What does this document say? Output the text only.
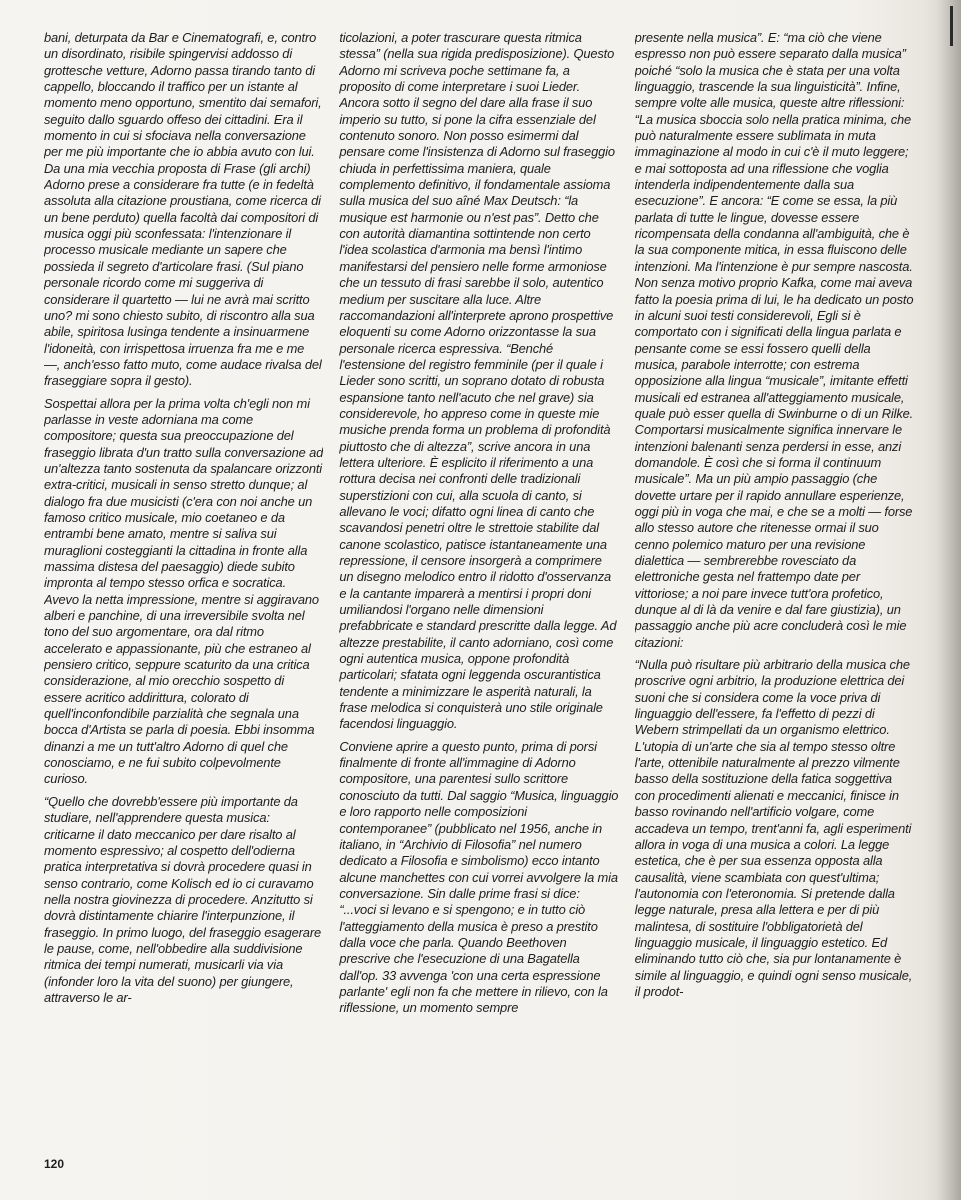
bani, deturpata da Bar e Cinematografi, e, contro un disordinato, risibile spingervisi addosso di grottesche vetture, Adorno passa tirando tanto di cappello, bloccando il traffico per un istante al momento meno opportuno, smentito dai semafori, seguito dallo sguardo offeso dei cittadini. Era il momento in cui si sfociava nella conversazione per me più importante che io abbia avuto con lui. Da una mia vecchia proposta di Frase (gli archi) Adorno prese a considerare fra tutte (e in fedeltà assoluta alla citazione proustiana, come ricerca di un bene perduto) quella facoltà dai compositori di musica oggi più sconfessata: l'intenzionare il processo musicale mediante un sapere che possieda il segreto d'articolare frasi. (Sul piano personale ricordo come mi suggeriva di considerare il quartetto — lui ne avrà mai scritto uno? mi sono chiesto subito, di riscontro alla sua abile, spiritosa lusinga tendente a insinuarmene l'idoneità, con irrispettosa irruenza fra me e me —, anch'esso fatto muto, come audace rivalsa del fraseggiare sopra il gesto).

Sospettai allora per la prima volta ch'egli non mi parlasse in veste adorniana ma come compositore; questa sua preoccupazione del fraseggio librata d'un tratto sulla conversazione ad un'altezza tanto sostenuta da spalancare orizzonti extra-critici, musicali in senso stretto dunque; al dialogo fra due musicisti (c'era con noi anche un famoso critico musicale, mio coetaneo e da entrambi bene amato, mentre si saliva sui muraglioni costeggianti la cittadina in fronte alla massima distesa del paesaggio) diede subito impronta al tempo stesso orfica e socratica. Avevo la netta impressione, mentre si aggiravano alberi e panchine, di una irreversibile svolta nel tono del suo argomentare, ora dal ritmo accelerato e appassionante, più che estraneo al pensiero critico, seppure scaturito da una critica considerazione, al mio orecchio sospetto di essere acritico addirittura, colorato di quell'inconfondibile parzialità che segnala una bocca d'Artista se parla di poesia. Ebbi insomma dinanzi a me un tutt'altro Adorno di quel che conosciamo, e ne fui subito colpevolmente curioso.

“Quello che dovrebb'essere più importante da studiare, nell'apprendere questa musica: criticarne il dato meccanico per dare risalto al momento espressivo; al cospetto dell'odierna pratica interpretativa si dovrà procedere quasi in senso contrario, come Kolisch ed io ci curavamo nella nostra giovinezza di procedere. Anzitutto si dovrà distintamente chiarire l'interpunzione, il fraseggio. In primo luogo, del fraseggio esagerare le pause, come, nell'obbedire alla suddivisione ritmica dei tempi numerati, musicarli via via (infonder loro la vita del suono) per giungere, attraverso le ar-

ticolazioni, a poter trascurare questa ritmica stessa” (nella sua rigida predisposizione). Questo Adorno mi scriveva poche settimane fa, a proposito di come interpretare i suoi Lieder. Ancora sotto il segno del dare alla frase il suo imperio su tutto, si pone la cifra essenziale del contenuto sonoro. Non posso esimermi dal pensare come l'insistenza di Adorno sul fraseggio chiuda in perfettissima maniera, quale complemento definitivo, il fondamentale assioma sulla musica del suo aîné Max Deutsch: “la musique est harmonie ou n'est pas”. Detto che con autorità diamantina sottintende non certo l'idea scolastica d'armonia ma bensì l'intimo manifestarsi del pensiero nelle forme armoniose che un tessuto di frasi sarebbe il solo, autentico medium per suscitare alla luce. Altre raccomandazioni all'interprete aprono prospettive eloquenti su come Adorno orizzontasse la sua personale ricerca espressiva. “Benché l'estensione del registro femminile (per il quale i Lieder sono scritti, un soprano dotato di robusta espansione tanto nell'acuto che nel grave) sia considerevole, ho appreso come in queste mie musiche prenda forma un problema di profondità piuttosto che di altezza”, scrive ancora in una lettera ulteriore. È esplicito il riferimento a una rottura decisa nei confronti delle tradizionali superstizioni con cui, alla scuola di canto, si allevano le voci; difatto ogni linea di canto che scavandosi penetri oltre le strettoie stabilite dal canone scolastico, patisce istantaneamente una repressione, il censore insorgerà a comprimere un disegno melodico entro il ridotto d'osservanza e la cantante imparerà a mentirsi i propri doni umiliandosi l'organo nelle dimensioni prefabbricate e standard prescritte dalla legge. Ad altezze prestabilite, il canto adorniano, così come ogni autentica musica, oppone profondità particolari; sfatata ogni leggenda oscurantistica tendente a minimizzare le asperità naturali, la frase melodica si conquisterà uno stile originale facendosi linguaggio.

Conviene aprire a questo punto, prima di porsi finalmente di fronte all'immagine di Adorno compositore, una parentesi sullo scrittore conosciuto da tutti. Dal saggio “Musica, linguaggio e loro rapporto nelle composizioni contemporanee” (pubblicato nel 1956, anche in italiano, in “Archivio di Filosofia” nel numero dedicato a Filosofia e simbolismo) ecco intanto alcune manchettes con cui vorrei avvolgere la mia conversazione. Sin dalle prime frasi si dice: “...voci si levano e si spengono; e in tutto ciò l'atteggiamento della musica è preso a prestito dalla voce che parla. Quando Beethoven prescrive che l'esecuzione di una Bagatella dall'op. 33 avvenga 'con una certa espressione parlante' egli non fa che mettere in rilievo, con la riflessione, un momento sempre

presente nella musica”. E: “ma ciò che viene espresso non può essere separato dalla musica” poiché “solo la musica che è stata per una volta linguaggio, trascende la sua linguisticità”. Infine, sempre volte alle musica, queste altre riflessioni: “La musica sboccia solo nella pratica minima, che può naturalmente essere sublimata in muta immaginazione al modo in cui c'è il muto leggere; e mai sottoposta ad una riflessione che voglia intenderla indipendentemente dalla sua esecuzione”. E ancora: “E come se essa, la più parlata di tutte le lingue, dovesse essere ricompensata della condanna all'ambiguità, che è la sua componente mitica, in essa fluiscono delle intenzioni. Ma l'intenzione è pur sempre nascosta. Non senza motivo proprio Kafka, come mai aveva fatto la poesia prima di lui, le ha dedicato un posto in alcuni suoi testi considerevoli, Egli si è comportato con i significati della lingua parlata e pensante come se essi fossero quelli della musica, parabole interrotte; con estrema opposizione alla lingua “musicale”, imitante effetti musicali ed estranea all'atteggiamento musicale, quale può esser quella di Swinburne o di un Rilke. Comportarsi musicalmente significa innervare le intenzioni balenanti senza perdersi in esse, anzi domandole. È così che si forma il continuum musicale”. Ma un più ampio passaggio (che dovette urtare per il rapido annullare esperienze, oggi più in voga che mai, e che se a molti — forse allo stesso autore che ritenesse ormai il suo cenno polemico maturo per una revisione dialettica — sembrerebbe rovesciato da elettroniche gesta nel frattempo date per vittoriose; a noi pare invece tutt'ora profetico, dunque al di là da venire e dal fare giustizia), un passaggio anche più acre concluderà così le mie citazioni:

“Nulla può risultare più arbitrario della musica che proscrive ogni arbitrio, la produzione elettrica dei suoni che si considera come la voce priva di linguaggio dell'essere, fa l'effetto di pezzi di Webern strimpellati da un organismo elettrico. L'utopia di un'arte che sia al tempo stesso oltre l'arte, ottenibile naturalmente al prezzo vilmente basso della sostituzione della fatica soggettiva con procedimenti alienati e meccanici, finisce in basso rovinando nell'artificio volgare, come accadeva un tempo, trent'anni fa, agli esperimenti allora in voga di una musica a colori. La legge estetica, che è per sua essenza opposta alla causalità, viene scambiata con quest'ultima; l'autonomia con l'eteronomia. Si pretende dalla legge naturale, presa alla lettera e per di più malintesa, di sostituire l'obbligatorietà del linguaggio musicale, il linguaggio estetico. Ed eliminando tutto ciò che, sia pur lontanamente è simile al linguaggio, e quindi ogni senso musicale, il prodot-

120
